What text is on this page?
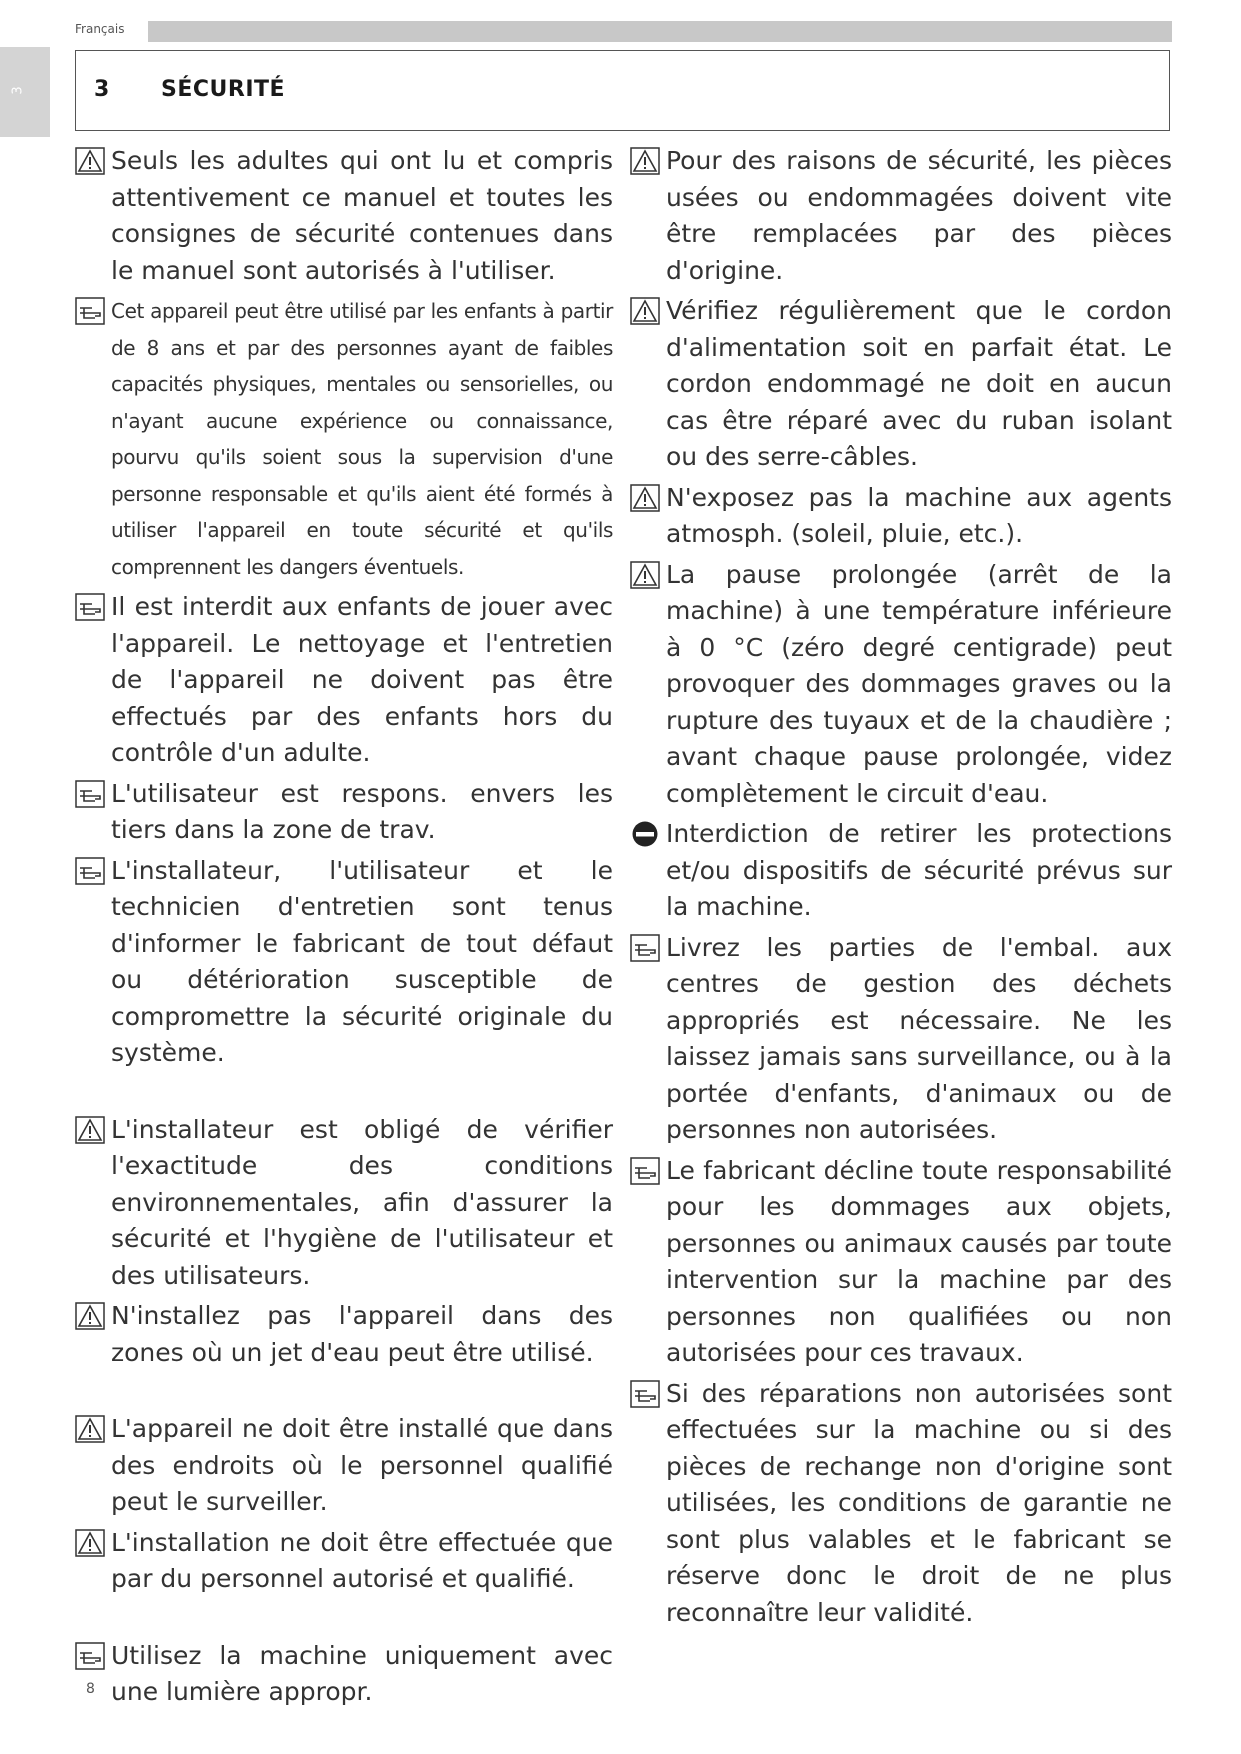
Français
3	3 SÉCURITÉ
Seuls les adultes qui ont lu et compris attentivement ce manuel et toutes les consignes de sécurité contenues dans le manuel sont autorisés à l'utiliser.
Cet appareil peut être utilisé par les enfants à partir de 8 ans et par des personnes ayant de faibles capacités physiques, mentales ou sensorielles, ou n'ayant aucune expérience ou connaissance, pourvu qu'ils soient sous la supervision d'une personne responsable et qu'ils aient été formés à utiliser l'appareil en toute sécurité et qu'ils comprennent les dangers éventuels.
Il est interdit aux enfants de jouer avec l'appareil. Le nettoyage et l'entretien de l'appareil ne doivent pas être effectués par des enfants hors du contrôle d'un adulte.
L'utilisateur est respons. envers les tiers dans la zone de trav.
L'installateur, l'utilisateur et le technicien d'entretien sont tenus d'informer le fabricant de tout défaut ou détérioration susceptible de compromettre la sécurité originale du système.
L'installateur est obligé de vérifier l'exactitude des conditions environnementales, afin d'assurer la sécurité et l'hygiène de l'utilisateur et des utilisateurs.
N'installez pas l'appareil dans des zones où un jet d'eau peut être utilisé.
L'appareil ne doit être installé que dans des endroits où le personnel qualifié peut le surveiller.
L'installation ne doit être effectuée que par du personnel autorisé et qualifié.
Utilisez la machine uniquement avec une lumière appropr.
Pour des raisons de sécurité, les pièces usées ou endommagées doivent vite être remplacées par des pièces d'origine.
Vérifiez régulièrement que le cordon d'alimentation soit en parfait état. Le cordon endommagé ne doit en aucun cas être réparé avec du ruban isolant ou des serre-câbles.
N'exposez pas la machine aux agents atmosph. (soleil, pluie, etc.).
La pause prolongée (arrêt de la machine) à une température inférieure à 0 °C (zéro degré centigrade) peut provoquer des dommages graves ou la rupture des tuyaux et de la chaudière ; avant chaque pause prolongée, videz complètement le circuit d'eau.
Interdiction de retirer les protections et/ou dispositifs de sécurité prévus sur la machine.
Livrez les parties de l'embal. aux centres de gestion des déchets appropriés est nécessaire. Ne les laissez jamais sans surveillance, ou à la portée d'enfants, d'animaux ou de personnes non autorisées.
Le fabricant décline toute responsabilité pour les dommages aux objets, personnes ou animaux causés par toute intervention sur la machine par des personnes non qualifiées ou non autorisées pour ces travaux.
Si des réparations non autorisées sont effectuées sur la machine ou si des pièces de rechange non d'origine sont utilisées, les conditions de garantie ne sont plus valables et le fabricant se réserve donc le droit de ne plus reconnaître leur validité.
8
